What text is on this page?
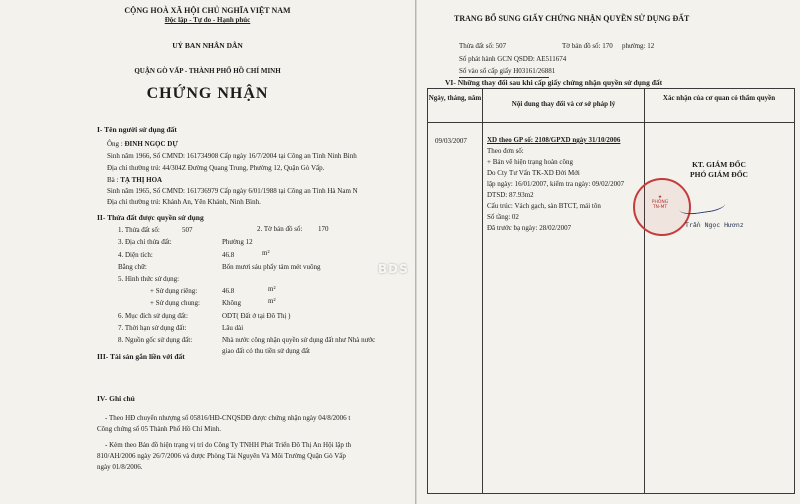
CỘNG HOÀ XÃ HỘI CHỦ NGHĨA VIỆT NAM
Độc lập - Tự do - Hạnh phúc
UỶ BAN NHÂN DÂN
QUẬN GÒ VẤP - THÀNH PHỐ HỒ CHÍ MINH
CHỨNG NHẬN
I- Tên người sử dụng đất
Ông : ĐINH NGỌC DỰ
Sinh năm 1966, Số CMND: 161734908 Cấp ngày 16/7/2004 tại Công an Tỉnh Ninh Bình
Địa chỉ thường trú: 44/304Z Đường Quang Trung, Phường 12, Quận Gò Vấp.
Bà : TẠ THỊ HOA
Sinh năm 1965, Số CMND: 161736979 Cấp ngày 6/01/1988 tại Công an Tỉnh Hà Nam N
Địa chỉ thường trú: Khánh An, Yên Khánh, Ninh Bình.
II- Thửa đất được quyền sử dụng
1. Thửa đất số:	507	2. Tờ bản đồ số: 170
3. Địa chỉ thửa đất:	Phường 12
4. Diện tích:	46.8	m²
Bằng chữ:	Bốn mươi sáu phẩy tám mét vuông
5. Hình thức sử dụng:
+ Sử dụng riêng:	46.8	m²
+ Sử dụng chung:	Không	m²
6. Mục đích sử dụng đất:	ODT( Đất ở tại Đô Thị )
7. Thời hạn sử dụng đất:	Lâu dài
8. Nguồn gốc sử dụng đất:	Nhà nước công nhận quyền sử dụng đất như Nhà nước
giao đất có thu tiền sử dụng đất
III- Tài sản gắn liền với đất
IV- Ghi chú
- Theo HĐ chuyển nhượng số 05816/HĐ-CNQSDĐ được chứng nhận ngày 04/8/2006 t
Công chứng số 05 Thành Phố Hồ Chí Minh.
- Kèm theo Bản đồ hiện trạng vị trí do Công Ty TNHH Phát Triển Đô Thị An Hội lập th
810/AH/2006 ngày 26/7/2006 và được Phòng Tài Nguyên Và Môi Trường Quận Gò Vấp
ngày 01/8/2006.
BDS
TRANG BỔ SUNG GIẤY CHỨNG NHẬN QUYỀN SỬ DỤNG ĐẤT
Thửa đất số: 507	Tờ bản đồ số: 170 phường: 12
Số phát hành GCN QSDĐ: AE511674
Số vào sổ cấp giấy H03161/26881
VI- Những thay đổi sau khi cấp giấy chứng nhận quyền sử dụng đất
Ngày, tháng, năm
Nội dung thay đổi và cơ sở pháp lý
Xác nhận của cơ quan có thẩm quyền
09/03/2007	XD theo GP số: 2108/GPXD ngày 31/10/2006
Theo đơn số:
+ Bản vẽ hiện trạng hoàn công
Do Cty Tư Vấn TK-XD Đời Mới
lập ngày: 16/01/2007, kiểm tra ngày: 09/02/2007
DTSD: 87.93m2
Cấu trúc: Vách gạch, sàn BTCT, mái tôn
Số tầng: 02
Đã trước bạ ngày: 28/02/2007
KT. GIÁM ĐỐC
PHÓ GIÁM ĐỐC
★
PHÒNG
TN-MT
Trần Ngọc Hươnz
